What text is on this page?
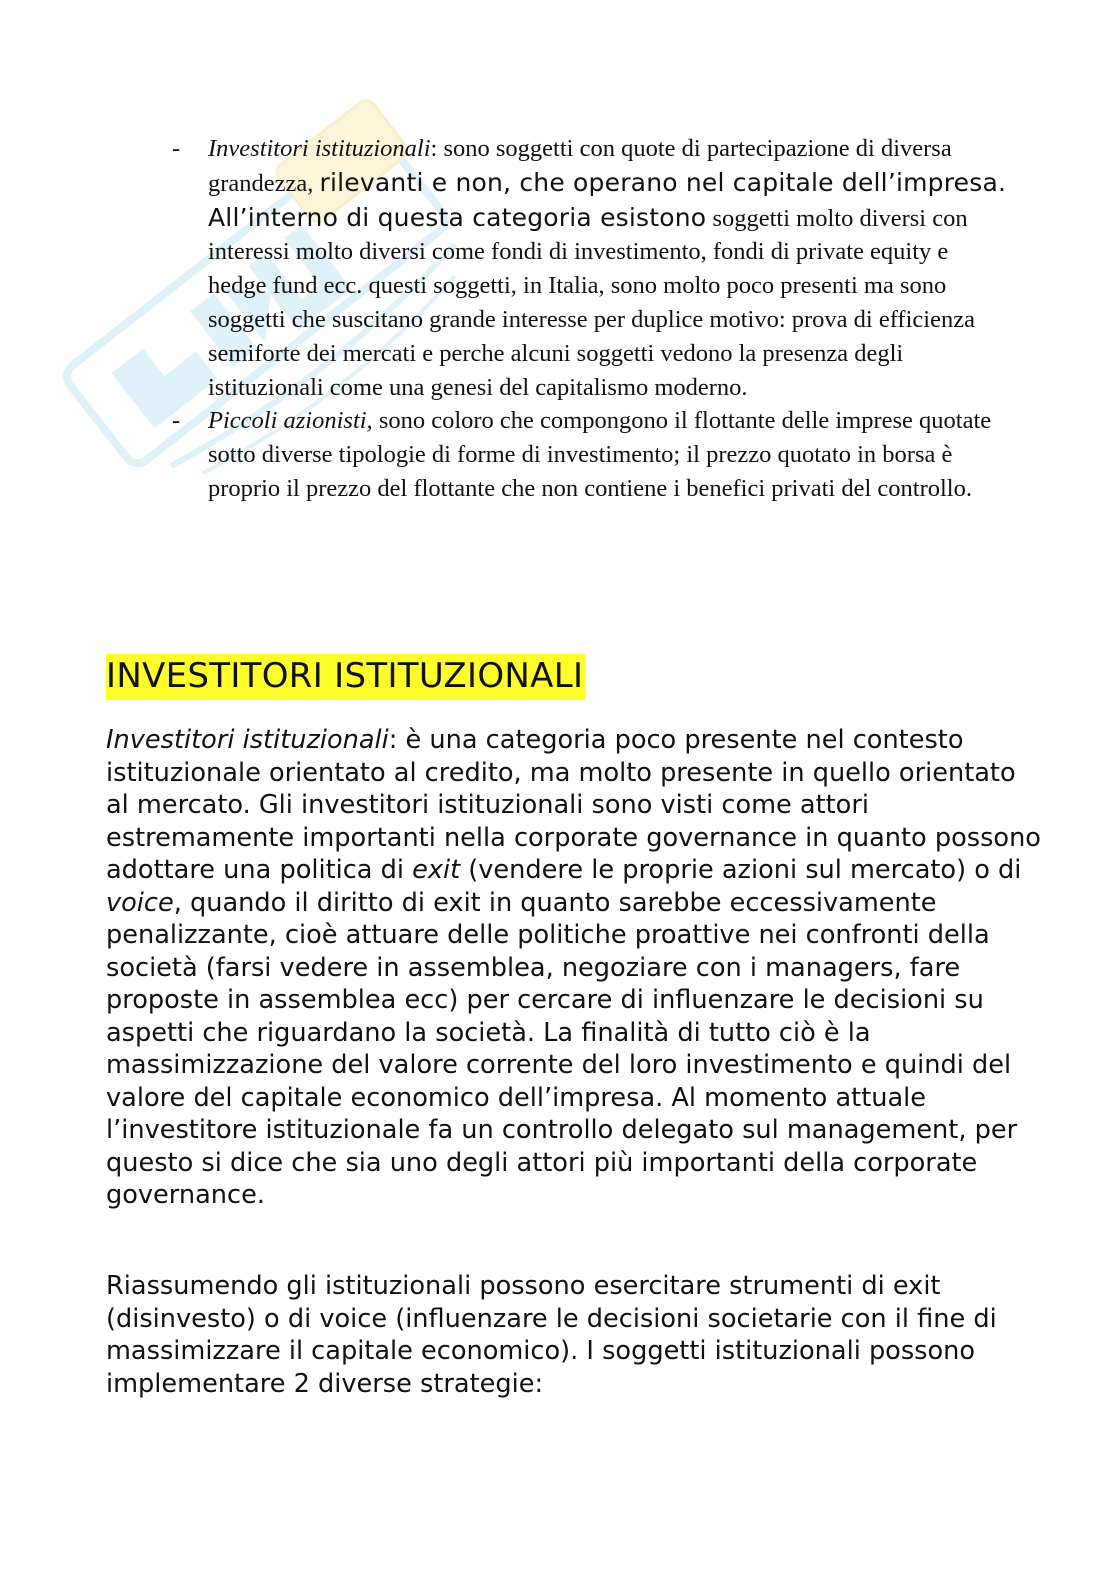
- Investitori istituzionali: sono soggetti con quote di partecipazione di diversa grandezza, rilevanti e non, che operano nel capitale dell’impresa. All’interno di questa categoria esistono soggetti molto diversi con interessi molto diversi come fondi di investimento, fondi di private equity e hedge fund ecc. questi soggetti, in Italia, sono molto poco presenti ma sono soggetti che suscitano grande interesse per duplice motivo: prova di efficienza semiforte dei mercati e perche alcuni soggetti vedono la presenza degli istituzionali come una genesi del capitalismo moderno.
- Piccoli azionisti, sono coloro che compongono il flottante delle imprese quotate sotto diverse tipologie di forme di investimento; il prezzo quotato in borsa è proprio il prezzo del flottante che non contiene i benefici privati del controllo.
INVESTITORI ISTITUZIONALI

Investitori istituzionali: è una categoria poco presente nel contesto istituzionale orientato al credito, ma molto presente in quello orientato al mercato. Gli investitori istituzionali sono visti come attori estremamente importanti nella corporate governance in quanto possono adottare una politica di exit (vendere le proprie azioni sul mercato) o di voice, quando il diritto di exit in quanto sarebbe eccessivamente penalizzante, cioè attuare delle politiche proattive nei confronti della società (farsi vedere in assemblea, negoziare con i managers, fare proposte in assemblea ecc) per cercare di influenzare le decisioni su aspetti che riguardano la società. La finalità di tutto ciò è la massimizzazione del valore corrente del loro investimento e quindi del valore del capitale economico dell’impresa. Al momento attuale l’investitore istituzionale fa un controllo delegato sul management, per questo si dice che sia uno degli attori più importanti della corporate governance.

Riassumendo gli istituzionali possono esercitare strumenti di exit (disinvesto) o di voice (influenzare le decisioni societarie con il fine di massimizzare il capitale economico). I soggetti istituzionali possono implementare 2 diverse strategie:
